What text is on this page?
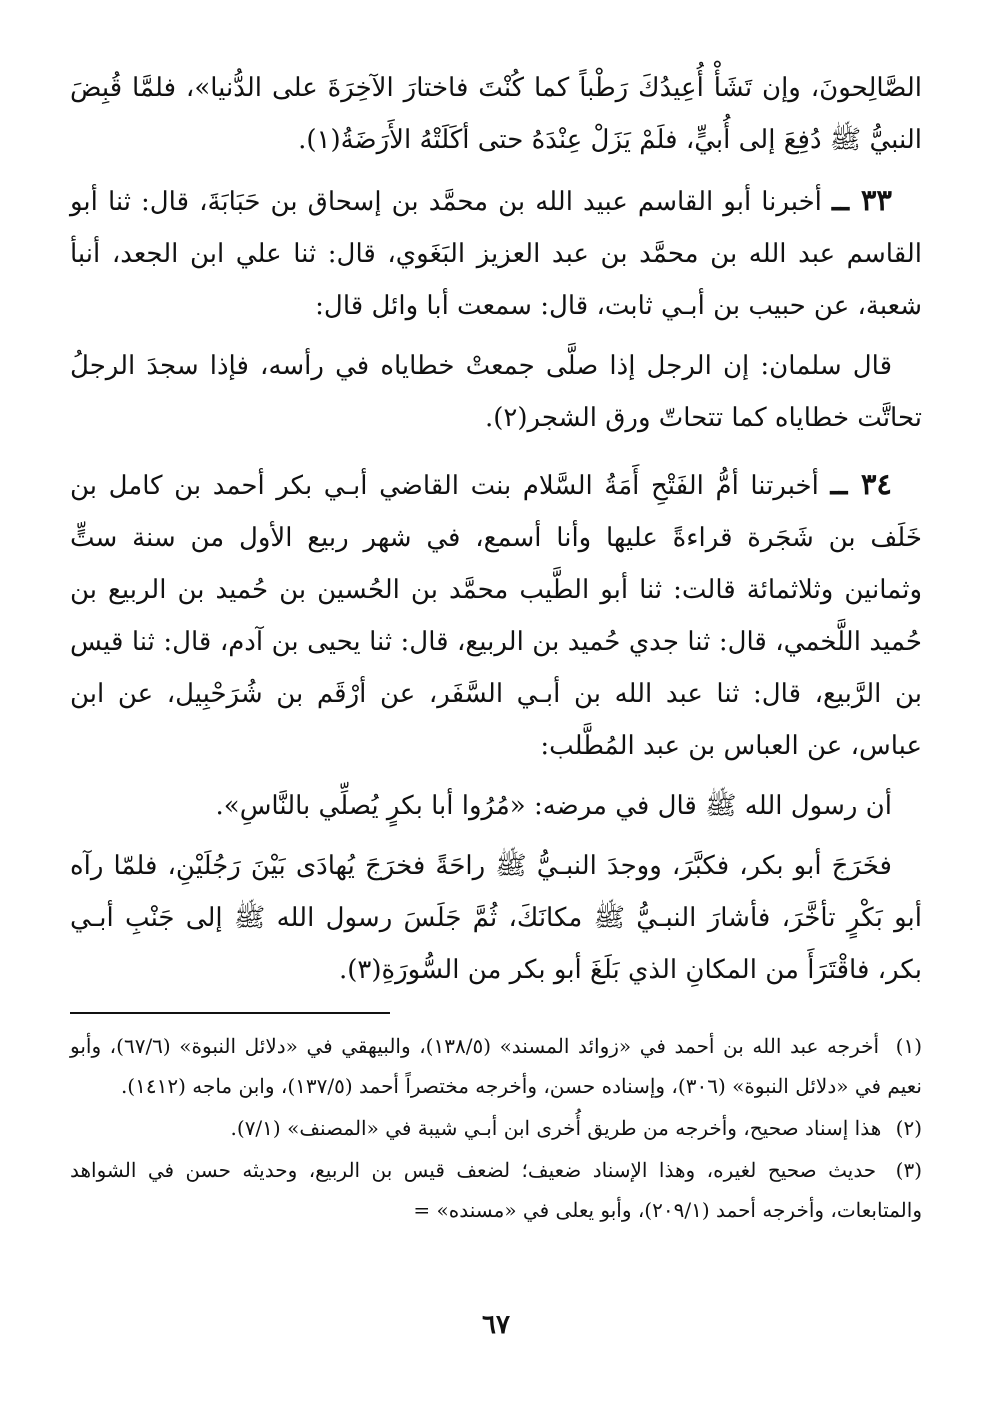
الصَّالِحونَ، وإن تَشَأْ أُعِيدُكَ رَطْباً كما كُنْتَ فاختارَ الآخِرَةَ على الدُّنيا»، فلمَّا قُبِضَ النبيُّ ﷺ دُفِعَ إلى أُبيٍّ، فلَمْ يَزَلْ عِنْدَهُ حتى أكَلَتْهُ الأَرَضَةُ(١).

٣٣ ــ أخبرنا أبو القاسم عبيد الله بن محمَّد بن إسحاق بن حَبَابَةَ، قال: ثنا أبو القاسم عبد الله بن محمَّد بن عبد العزيز البَغَوي، قال: ثنا علي ابن الجعد، أنبأ شعبة، عن حبيب بن أبـي ثابت، قال: سمعت أبا وائل قال:

قال سلمان: إن الرجل إذا صلَّى جمعتْ خطاياه في رأسه، فإذا سجدَ الرجلُ تحاتَّت خطاياه كما تتحاتّ ورق الشجر(٢).

٣٤ ــ أخبرتنا أمُّ الفَتْحِ أَمَةُ السَّلام بنت القاضي أبـي بكر أحمد بن كامل بن خَلَف بن شَجَرة قراءةً عليها وأنا أسمع، في شهر ربيع الأول من سنة ستٍّ وثمانين وثلاثمائة قالت: ثنا أبو الطَّيب محمَّد بن الحُسين بن حُميد بن الربيع بن حُميد اللَّخمي، قال: ثنا جدي حُميد بن الربيع، قال: ثنا يحيى بن آدم، قال: ثنا قيس بن الرَّبيع، قال: ثنا عبد الله بن أبـي السَّفَر، عن أرْقَم بن شُرَحْبِيل، عن ابن عباس، عن العباس بن عبد المُطَّلب:

أن رسول الله ﷺ قال في مرضه: «مُرُوا أبا بكرٍ يُصلِّي بالنَّاسِ».

فخَرَجَ أبو بكر، فكبَّرَ، ووجدَ النبـيُّ ﷺ راحَةً فخرَجَ يُهادَى بَيْنَ رَجُلَيْنِ، فلمّا رآه أبو بَكْرٍ تأخَّرَ، فأشارَ النبـيُّ ﷺ مكانَكَ، ثُمَّ جَلَسَ رسول الله ﷺ إلى جَنْبِ أبـي بكر، فاقْتَرَأَ من المكانِ الذي بَلَغَ أبو بكر من السُّورَةِ(٣).

(١) أخرجه عبد الله بن أحمد في «زوائد المسند» (١٣٨/٥)، والبيهقي في «دلائل النبوة» (٦٧/٦)، وأبو نعيم في «دلائل النبوة» (٣٠٦)، وإسناده حسن، وأخرجه مختصراً أحمد (١٣٧/٥)، وابن ماجه (١٤١٢).

(٢) هذا إسناد صحيح، وأخرجه من طريق أُخرى ابن أبـي شيبة في «المصنف» (٧/١).

(٣) حديث صحيح لغيره، وهذا الإسناد ضعيف؛ لضعف قيس بن الربيع، وحديثه حسن في الشواهد والمتابعات، وأخرجه أحمد (٢٠٩/١)، وأبو يعلى في «مسنده» =

٦٧
